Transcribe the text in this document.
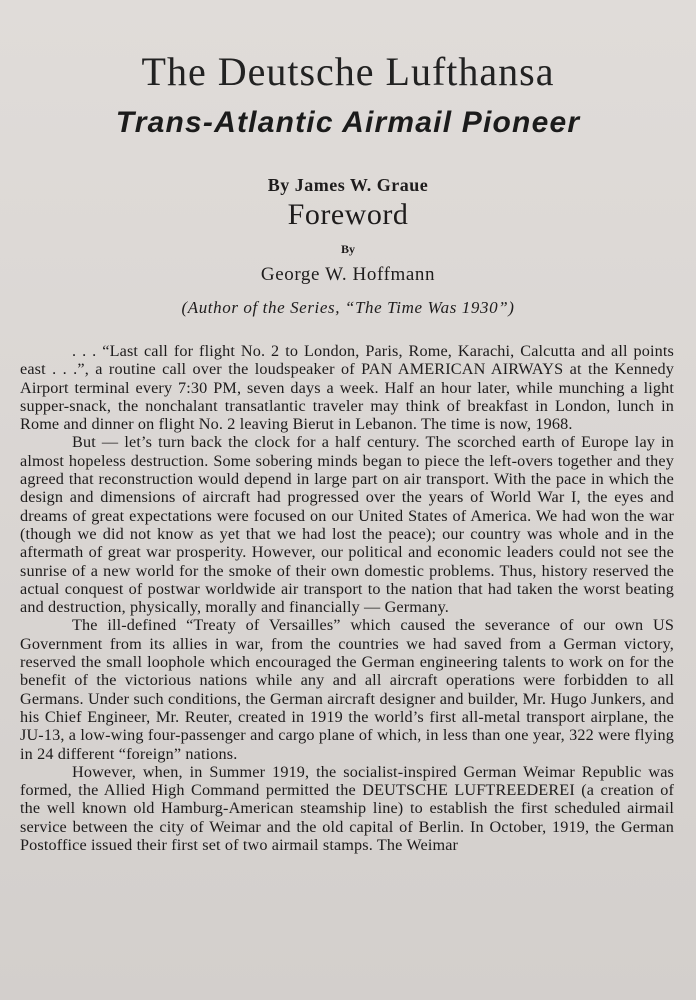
The Deutsche Lufthansa
Trans-Atlantic Airmail Pioneer
By James W. Graue
Foreword
By
George W. Hoffmann
(Author of the Series, “The Time Was 1930”)

. . . “Last call for flight No. 2 to London, Paris, Rome, Karachi, Calcutta and all points east . . .”, a routine call over the loudspeaker of PAN AMERICAN AIRWAYS at the Kennedy Airport terminal every 7:30 PM, seven days a week. Half an hour later, while munching a light supper-snack, the nonchalant transatlantic traveler may think of breakfast in London, lunch in Rome and dinner on flight No. 2 leaving Bierut in Lebanon. The time is now, 1968.

But — let’s turn back the clock for a half century. The scorched earth of Europe lay in almost hopeless destruction. Some sobering minds began to piece the left-overs together and they agreed that reconstruction would depend in large part on air transport. With the pace in which the design and dimensions of aircraft had progressed over the years of World War I, the eyes and dreams of great expectations were focused on our United States of America. We had won the war (though we did not know as yet that we had lost the peace); our country was whole and in the aftermath of great war prosperity. However, our political and economic leaders could not see the sunrise of a new world for the smoke of their own domestic problems. Thus, history reserved the actual conquest of postwar worldwide air transport to the nation that had taken the worst beating and destruction, physically, morally and financially — Germany.

The ill-defined “Treaty of Versailles” which caused the severance of our own US Government from its allies in war, from the countries we had saved from a German victory, reserved the small loophole which encouraged the German engineering talents to work on for the benefit of the victorious nations while any and all aircraft operations were forbidden to all Germans. Under such conditions, the German aircraft designer and builder, Mr. Hugo Junkers, and his Chief Engineer, Mr. Reuter, created in 1919 the world’s first all-metal transport airplane, the JU-13, a low-wing four-passenger and cargo plane of which, in less than one year, 322 were flying in 24 different “foreign” nations.

However, when, in Summer 1919, the socialist-inspired German Weimar Republic was formed, the Allied High Command permitted the DEUTSCHE LUFTREEDEREI (a creation of the well known old Hamburg-American steamship line) to establish the first scheduled airmail service between the city of Weimar and the old capital of Berlin. In October, 1919, the German Postoffice issued their first set of two airmail stamps. The Weimar
